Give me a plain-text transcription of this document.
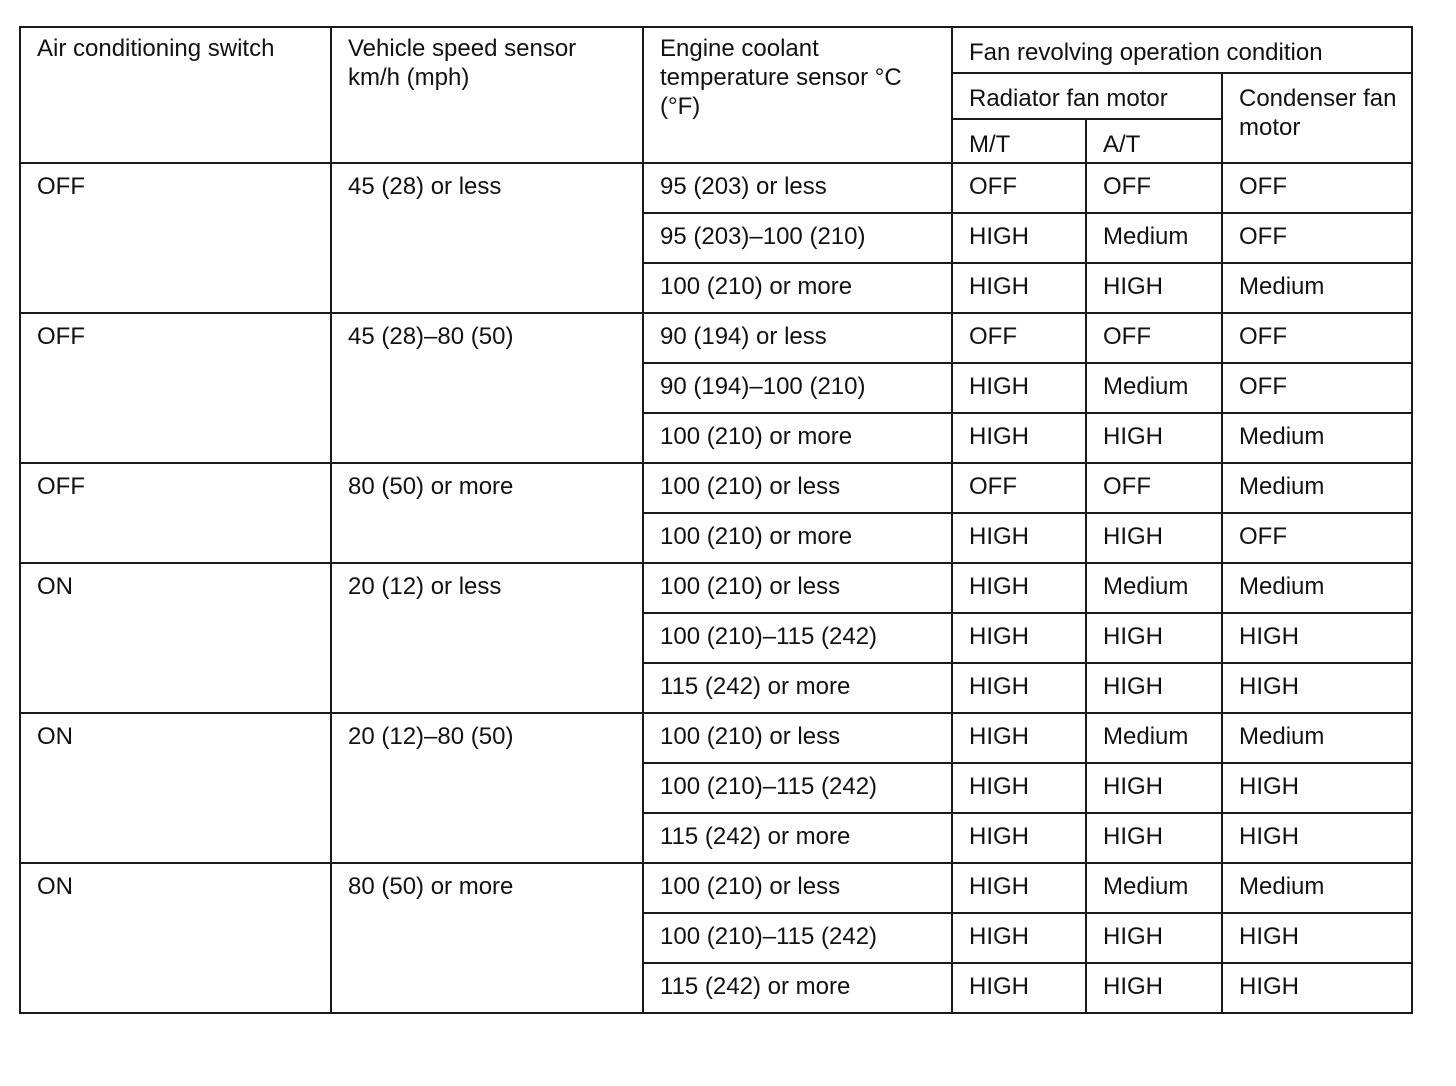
Air conditioning switch	Vehicle speed sensor km/h (mph)	Engine coolant temperature sensor °C (°F)	Fan revolving operation condition		
			Radiator fan motor		Condenser fan motor
			M/T	A/T	
OFF	45 (28) or less	95 (203) or less	OFF	OFF	OFF
		95 (203)–100 (210)	HIGH	Medium	OFF
		100 (210) or more	HIGH	HIGH	Medium
OFF	45 (28)–80 (50)	90 (194) or less	OFF	OFF	OFF
		90 (194)–100 (210)	HIGH	Medium	OFF
		100 (210) or more	HIGH	HIGH	Medium
OFF	80 (50) or more	100 (210) or less	OFF	OFF	Medium
		100 (210) or more	HIGH	HIGH	OFF
ON	20 (12) or less	100 (210) or less	HIGH	Medium	Medium
		100 (210)–115 (242)	HIGH	HIGH	HIGH
		115 (242) or more	HIGH	HIGH	HIGH
ON	20 (12)–80 (50)	100 (210) or less	HIGH	Medium	Medium
		100 (210)–115 (242)	HIGH	HIGH	HIGH
		115 (242) or more	HIGH	HIGH	HIGH
ON	80 (50) or more	100 (210) or less	HIGH	Medium	Medium
		100 (210)–115 (242)	HIGH	HIGH	HIGH
		115 (242) or more	HIGH	HIGH	HIGH
